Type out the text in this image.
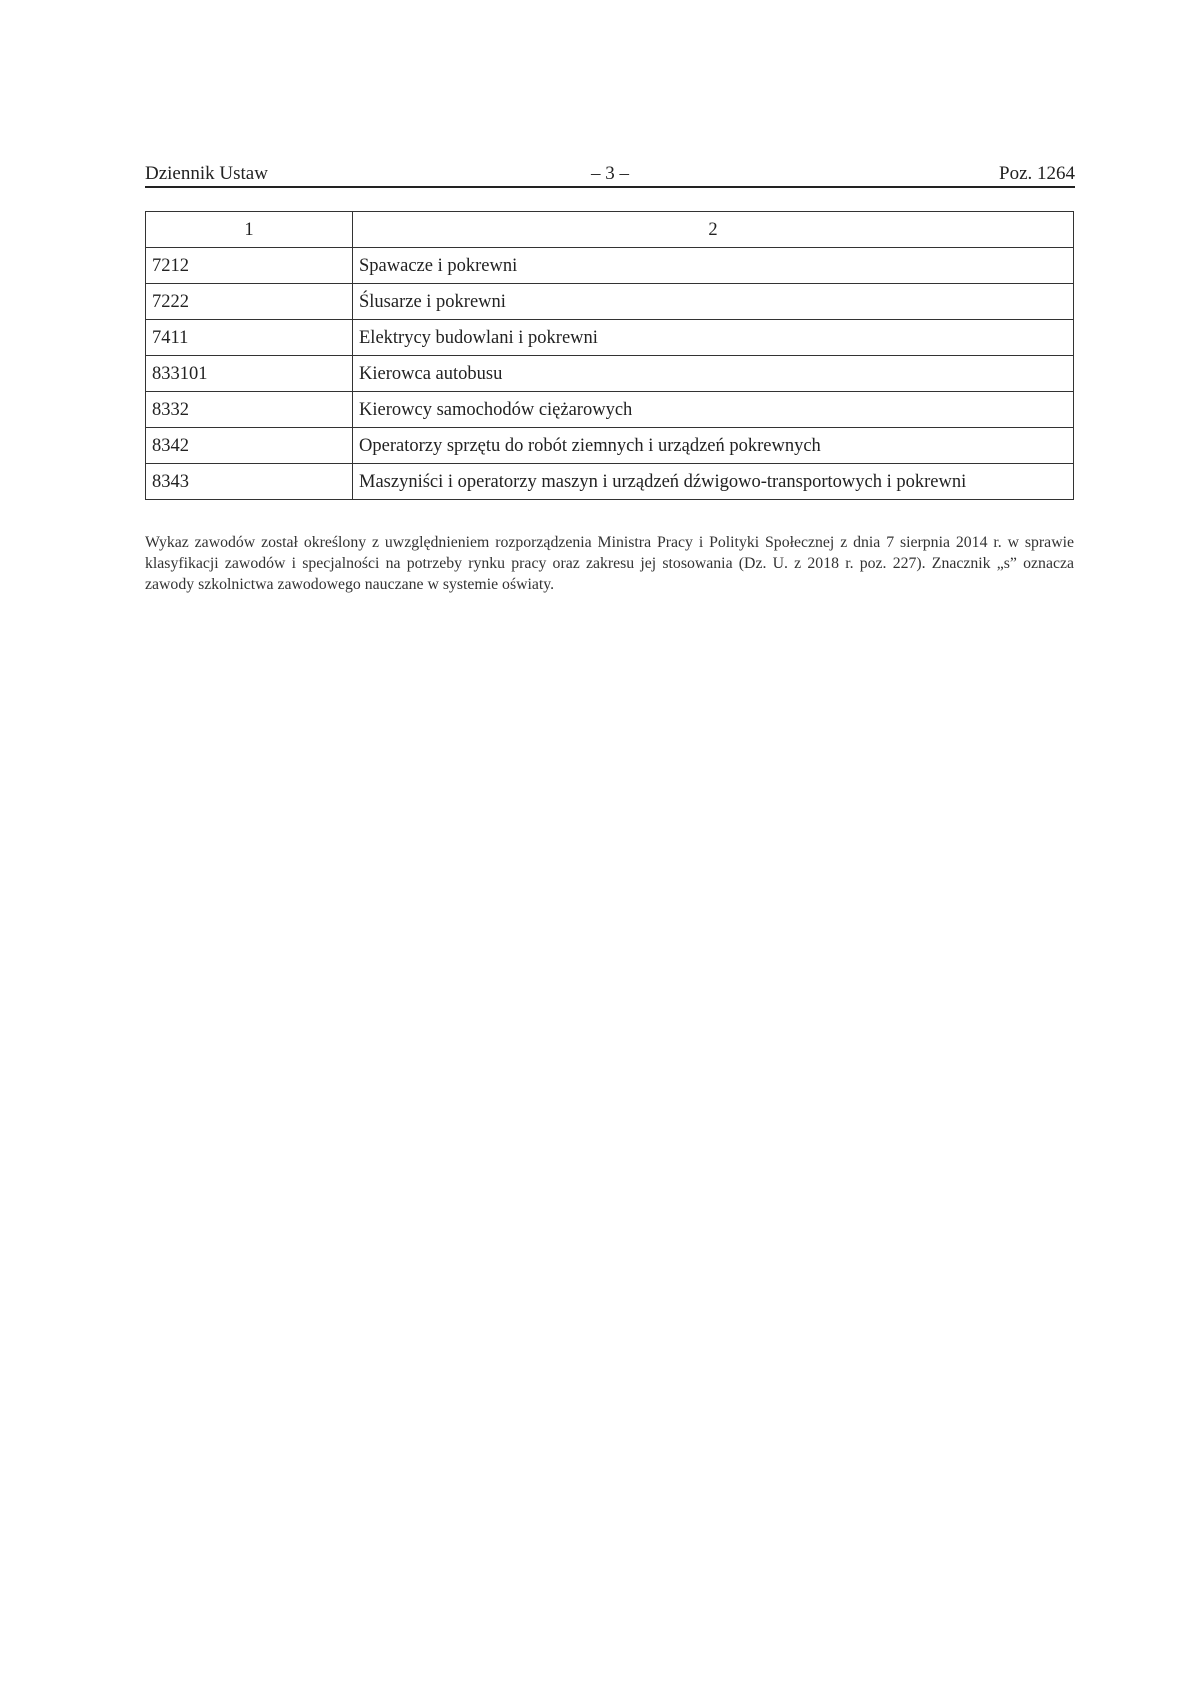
Dziennik Ustaw	– 3 –	Poz. 1264
1	2
7212	Spawacze i pokrewni
7222	Ślusarze i pokrewni
7411	Elektrycy budowlani i pokrewni
833101	Kierowca autobusu
8332	Kierowcy samochodów ciężarowych
8342	Operatorzy sprzętu do robót ziemnych i urządzeń pokrewnych
8343	Maszyniści i operatorzy maszyn i urządzeń dźwigowo-transportowych i pokrewni

Wykaz zawodów został określony z uwzględnieniem rozporządzenia Ministra Pracy i Polityki Społecznej z dnia 7 sierpnia 2014 r. w sprawie klasyfikacji zawodów i specjalności na potrzeby rynku pracy oraz zakresu jej stosowania (Dz. U. z 2018 r. poz. 227). Znacznik „s” oznacza zawody szkolnictwa zawodowego nauczane w systemie oświaty.
